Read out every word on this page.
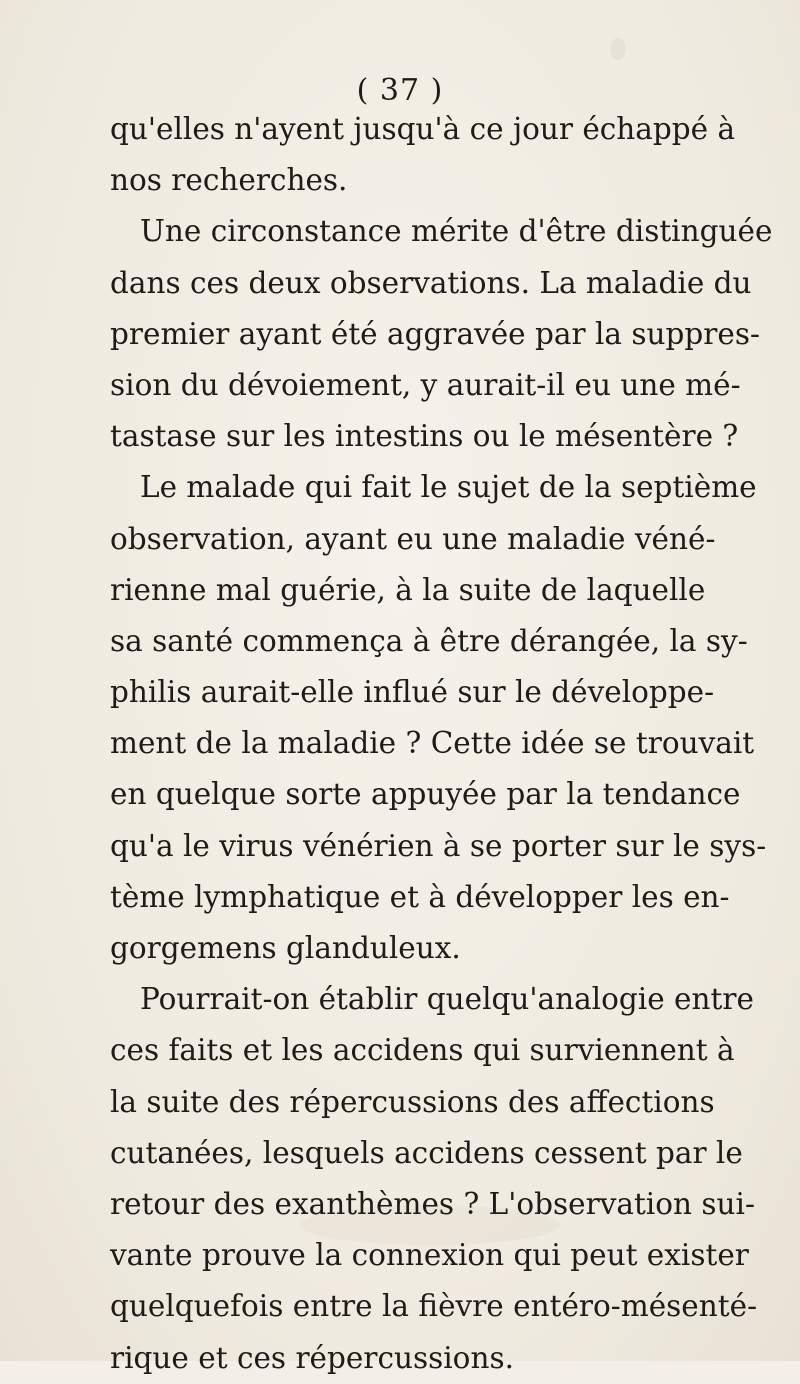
( 37 )
qu'elles n'ayent jusqu'à ce jour échappé à
nos recherches.
Une circonstance mérite d'être distinguée
dans ces deux observations. La maladie du
premier ayant été aggravée par la suppres-
sion du dévoiement, y aurait-il eu une mé-
tastase sur les intestins ou le mésentère ?
Le malade qui fait le sujet de la septième
observation, ayant eu une maladie véné-
rienne mal guérie, à la suite de laquelle
sa santé commença à être dérangée, la sy-
philis aurait-elle influé sur le développe-
ment de la maladie ? Cette idée se trouvait
en quelque sorte appuyée par la tendance
qu'a le virus vénérien à se porter sur le sys-
tème lymphatique et à développer les en-
gorgemens glanduleux.
Pourrait-on établir quelqu'analogie entre
ces faits et les accidens qui surviennent à
la suite des répercussions des affections
cutanées, lesquels accidens cessent par le
retour des exanthèmes ? L'observation sui-
vante prouve la connexion qui peut exister
quelquefois entre la fièvre entéro-mésenté-
rique et ces répercussions.
